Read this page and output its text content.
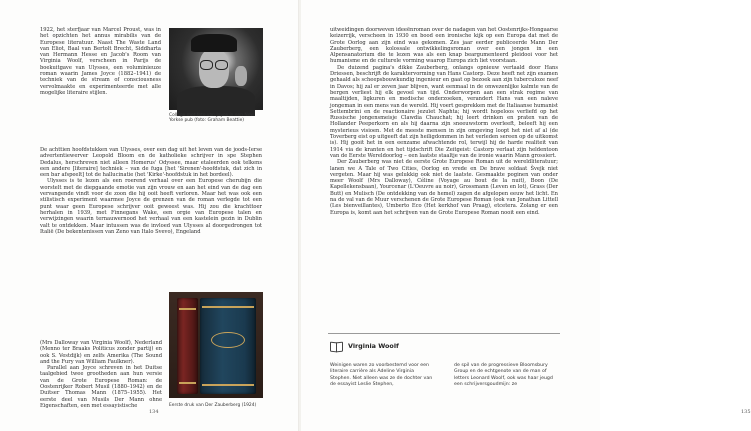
1922, het sterfjaar van Marcel Proust, was in het opzichten het annus mirabilis van de Europese literatuur. Naast The Waste Land van Eliot, Baal van Bertolt Brecht, Siddharta van Hermann Hesse en Jacob's Room van Virginia Woolf, verscheen in Parijs de boekuitgave van Ulysses, een voluminieuze roman waarin James Joyce (1882–1941) de techniek van de stream of consciousness vervolmaakte en experimenteerde met alle mogelijke literaire stijlen.

Collage met foto van Joyce in een New Yorkse pub (foto: Graham Beattie)

De achttien hoofdstukken van Ulysses, over een dag uit het leven van de joods-Ierse advertentiewerver Leopold Bloom en de katholieke schrijver in spe Stephen Dedalus, herschreven niet alleen Homerus' Odyssee, maar etaleerden ook telkens een andere [literaire] techniek – van de fuga [het 'Sirenen'-hoofdstuk, dat zich in een bar afspeelt] tot de hallucinatie (het 'Kirke'-hoofdstuk in het bordeel).

Ulysses is te lezen als een roerend verhaal over een Europese cherubijn die worstelt met de diepgaande emotie van zijn vrouw en aan het eind van de dag een vervangende vindt voor de zoon die hij ooit heeft verloren. Maar het was ook een stilistisch experiment waarmee Joyce de grenzen van de roman verlegde tot een punt waar geen Europese schrijver ooit geweest was. Hij zou die krachttoer herhalen in 1939, met Finnegans Wake, een orgie van Europese talen en verwijzingen waarin ternauwernood het verhaal van een kastelein gezin in Dublin valt te ontdekken. Maar intussen was de invloed van Ulysses al doorgedrongen tot Italië (De bekentenissen van Zeno van Italo Svevo), Engeland

(Mrs Dalloway van Virginia Woolf), Nederland (Menno ter Braaks Politicus zonder partij) en ook S. Vestdijk) en zelfs Amerika (The Sound and the Fury van William Faulkner).

Parallel aan Joyce schreven in het Duitse taalgebied twee grootheden aan hun versie van de Grote Europese Roman: de Oostenrijker Robert Musil (1880–1942) en de Duitser Thomas Mann (1875–1955). Het eerste deel van Musils Der Mann ohne Eigenschaften, een met essayistische	Eerste druk van Der Zauberberg (1924)
134	135

uitweidingen doorweven ideeënroman over de nadagen van het Oostenrijks-Hongaarse keizerrijk, verscheen in 1930 en bood een ironische kijk op een Europa dat met de Grote Oorlog aan zijn eind was gekomen. Zes jaar eerder publiceerde Mann Der Zauberberg, een kolossale ontwikkelingsroman over een jongen in een Alpensanatorium die te lezen was als een knap beargumenteerd pleidooi voor het humanisme en de culturele vorming waarop Europa zich liet voorstaan.

De duizend pagina's dikke Zauberberg, onlangs opnieuw vertaald door Hans Driessen, beschrijft de karaktervorming van Hans Castorp. Deze heeft net zijn examen gehaald als scheepsbouwkundig ingenieur en gaat op bezoek aan zijn tuberculoze neef in Davos; hij zal er zeven jaar blijven, want eenmaal in de onwezenlijke kalmte van de bergen verliest hij elk gevoel van tijd. Onderworpen aan een strak regime van maaltijden, ligkuren en medische onderzoeken, verandert Hans van een naïeve jongeman in een mens van de wereld. Hij voert gesprekken met de Italiaanse humanist Settembrini en de reactionaire jezuïet Naphta; hij wordt hopeloos verliefd op het Russische jongensmeisje Clawdia Chauchat; hij leert drinken en praten van de Hollander Peeperkorn en als hij daarna zijn sneeuwstorm overleeft, beleeft hij een mysterieus visioen. Met de meeste mensen in zijn omgeving loopt het niet af al (de Toverberg eist op uitgeeft dat zijn heiligdommen in het verleden sereen op de uitkomst is). Hij gooit het in een eenzame afwachtende rol, terwijl hij de harde realiteit van 1914 via de kranten en het tijdschrift Die Zeitgeist: Castorp verlaat zijn heldentoon van de Eerste Wereldoorlog – een laatste staaltje van de ironie waarin Mann grossiert.

Der Zauberberg was niet de eerste Grote Europese Roman uit de wereldliteratuur; lanen we A Tale of Two Cities, Oorlog en vrede en De brave soldaat Švejk niet vergeten. Maar hij was gelukkig ook niet de laatste. Gesmaakte poginen van onder meer Woolf (Mrs Dalloway), Céline (Voyage au bout de la nuit), Boon (De Kapellekensbaan), Yourcenar (L'Oeuvre au noir), Grossmann (Leven en lot), Grass (Der Butt) en Mulisch (De ontdekking van de hemel) zagen de afgelopen eeuw het licht. En na de val van de Muur verschenen de Grote Europese Roman (ook van Jonathan Littell (Les bienveillantes), Umberto Eco (Het kerkhof van Praag), etcetera. Zolang er een Europa is, komt aan het schrijven van de Grote Europese Roman nooit een eind.

Virginia Woolf
Weinigen waren zo voorbestemd voor een literaire carrière als Adeline Virginia Stephen. Niet alleen was ze de dochter van de essayist Leslie Stephen,
de spil van de progressieve Bloomsbury Group en de echtgenote van de man of letters Leonard Woolf, ook was haar jeugd een schrijversgoudmijn: ze
